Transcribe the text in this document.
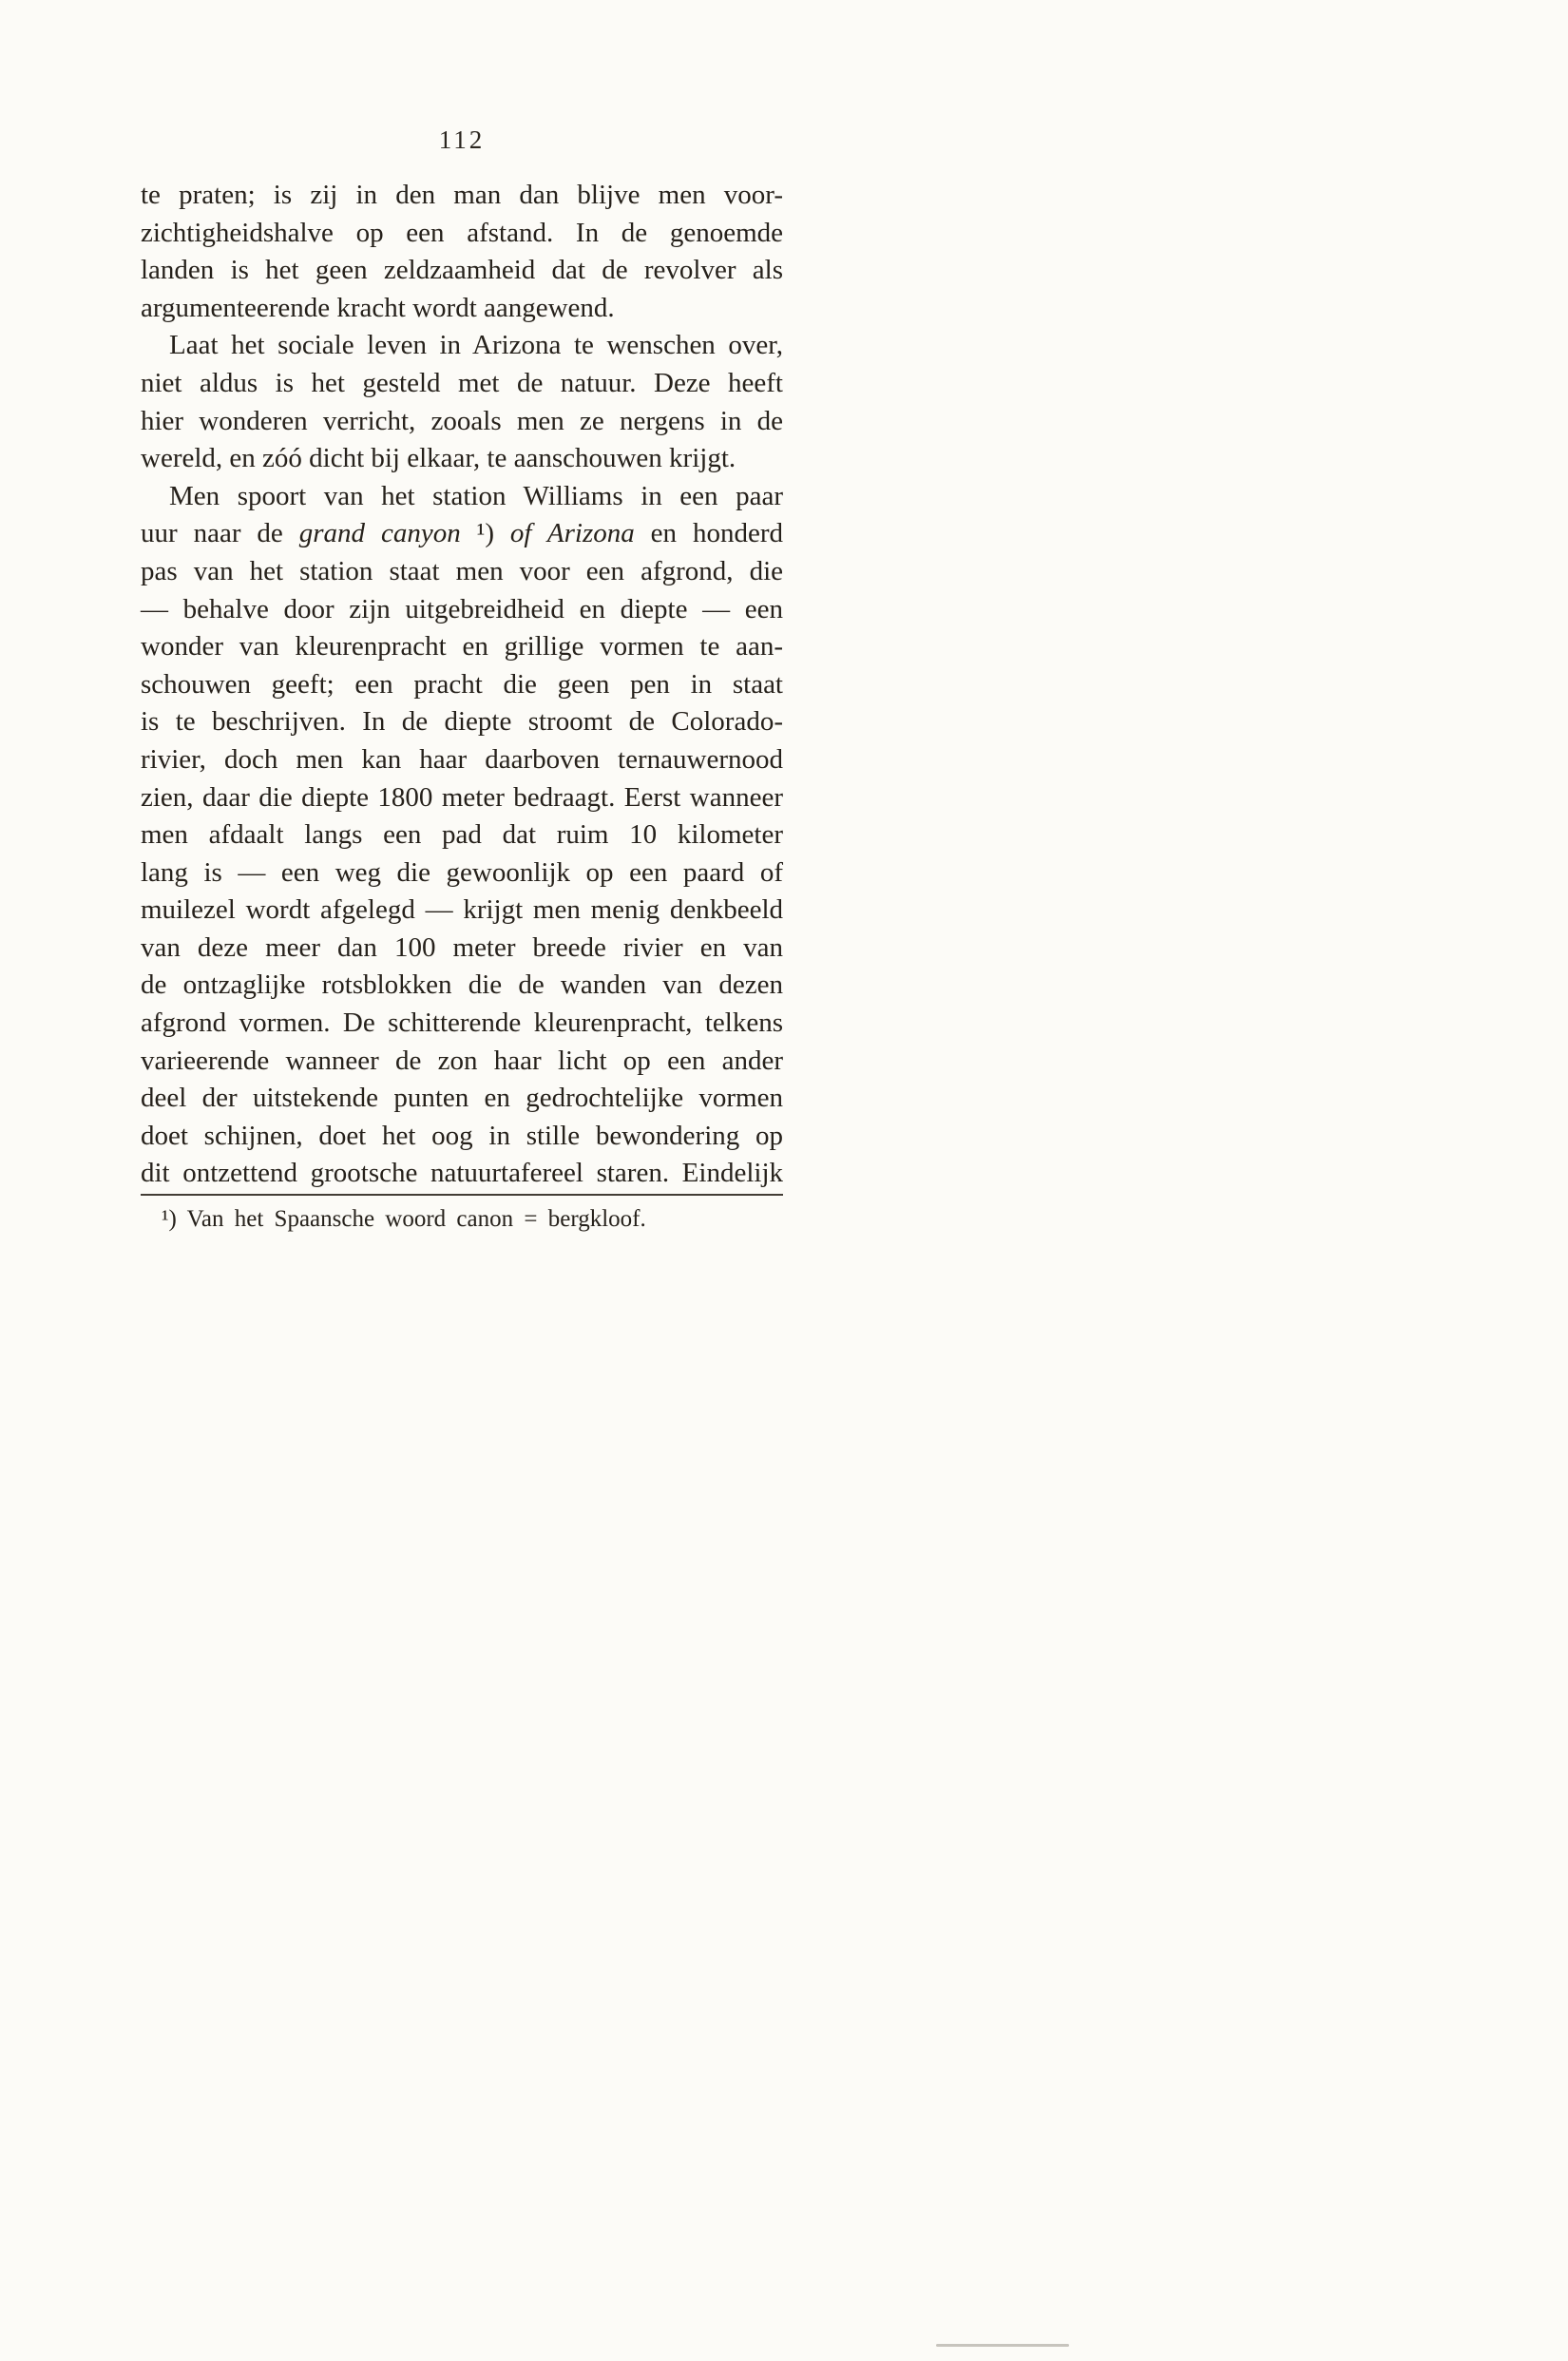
112
te praten; is zij in den man dan blijve men voor-
zichtigheidshalve op een afstand. In de genoemde
landen is het geen zeldzaamheid dat de revolver als
argumenteerende kracht wordt aangewend.
Laat het sociale leven in Arizona te wenschen over,
niet aldus is het gesteld met de natuur. Deze heeft
hier wonderen verricht, zooals men ze nergens in de
wereld, en zóó dicht bij elkaar, te aanschouwen krijgt.
Men spoort van het station Williams in een paar
uur naar de grand canyon ¹) of Arizona en honderd
pas van het station staat men voor een afgrond, die
— behalve door zijn uitgebreidheid en diepte — een
wonder van kleurenpracht en grillige vormen te aan-
schouwen geeft; een pracht die geen pen in staat
is te beschrijven. In de diepte stroomt de Colorado-
rivier, doch men kan haar daarboven ternauwernood
zien, daar die diepte 1800 meter bedraagt. Eerst wanneer
men afdaalt langs een pad dat ruim 10 kilometer
lang is — een weg die gewoonlijk op een paard of
muilezel wordt afgelegd — krijgt men menig denkbeeld
van deze meer dan 100 meter breede rivier en van
de ontzaglijke rotsblokken die de wanden van dezen
afgrond vormen. De schitterende kleurenpracht, telkens
varieerende wanneer de zon haar licht op een ander
deel der uitstekende punten en gedrochtelijke vormen
doet schijnen, doet het oog in stille bewondering op
dit ontzettend grootsche natuurtafereel staren. Eindelijk
¹) Van het Spaansche woord canon = bergkloof.
